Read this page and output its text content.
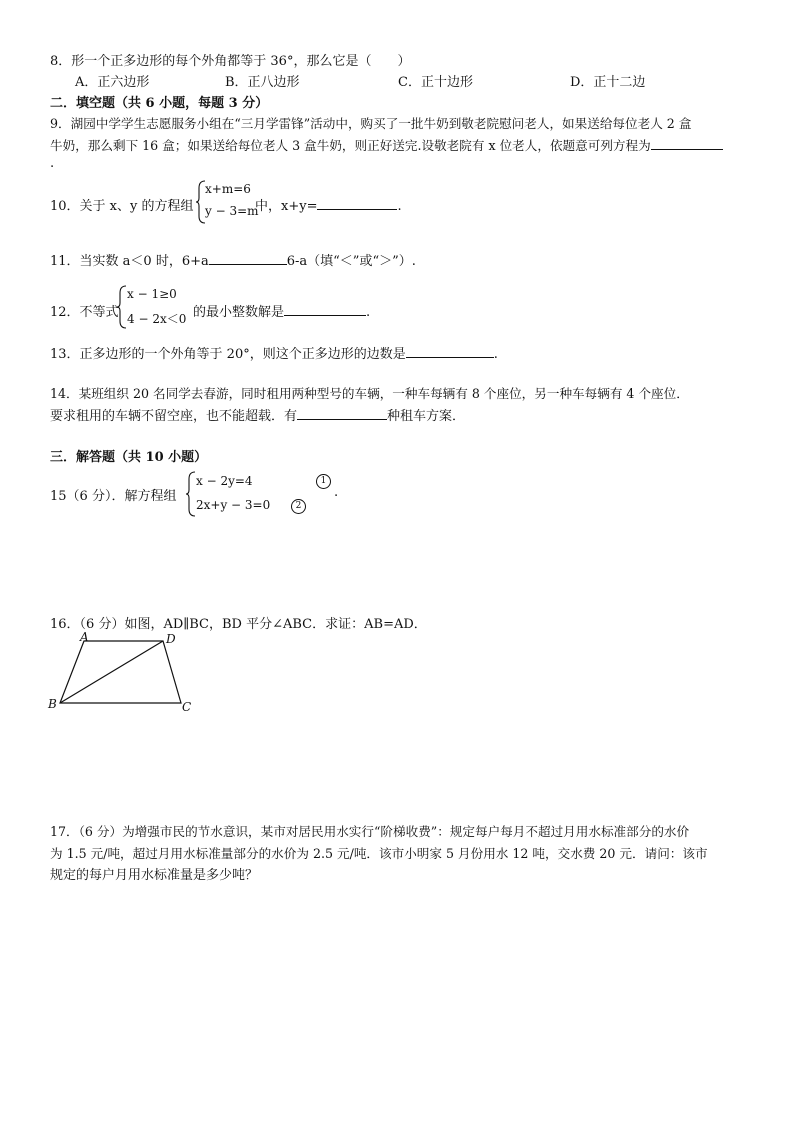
8．形一个正多边形的每个外角都等于 36°，那么它是（　　）
A．正六边形	B．正八边形	C．正十边形	D．正十二边
二．填空题（共 6 小题，每题 3 分）
9．湖园中学学生志愿服务小组在“三月学雷锋”活动中，购买了一批牛奶到敬老院慰问老人，如果送给每位老人 2 盒
牛奶，那么剩下 16 盒；如果送给每位老人 3 盒牛奶，则正好送完.设敬老院有 x 位老人，依题意可列方程为
.
10．关于 x、y 的方程组
x+m=6
y − 3=m
中，x+y=	.
11．当实数 a＜0 时，6+a	6-a（填“＜”或“＞”）.
12．不等式
x − 1≥0
4 − 2x＜0 的最小整数解是	.
13．正多边形的一个外角等于 20°，则这个正多边形的边数是	.
14．某班组织 20 名同学去春游，同时租用两种型号的车辆，一种车每辆有 8 个座位，另一种车每辆有 4 个座位．
要求租用的车辆不留空座，也不能超载．有	种租车方案．
三．解答题（共 10 小题）
15（6 分）．解方程组
x − 2y=4
2x+y − 3=0
1
2
.
16．（6 分）如图，AD∥BC，BD 平分∠ABC．求证：AB=AD．
A	D
B	C
17．（6 分）为增强市民的节水意识，某市对居民用水实行“阶梯收费”：规定每户每月不超过月用水标准部分的水价
为 1.5 元/吨，超过月用水标准量部分的水价为 2.5 元/吨．该市小明家 5 月份用水 12 吨，交水费 20 元．请问：该市
规定的每户月用水标准量是多少吨？
